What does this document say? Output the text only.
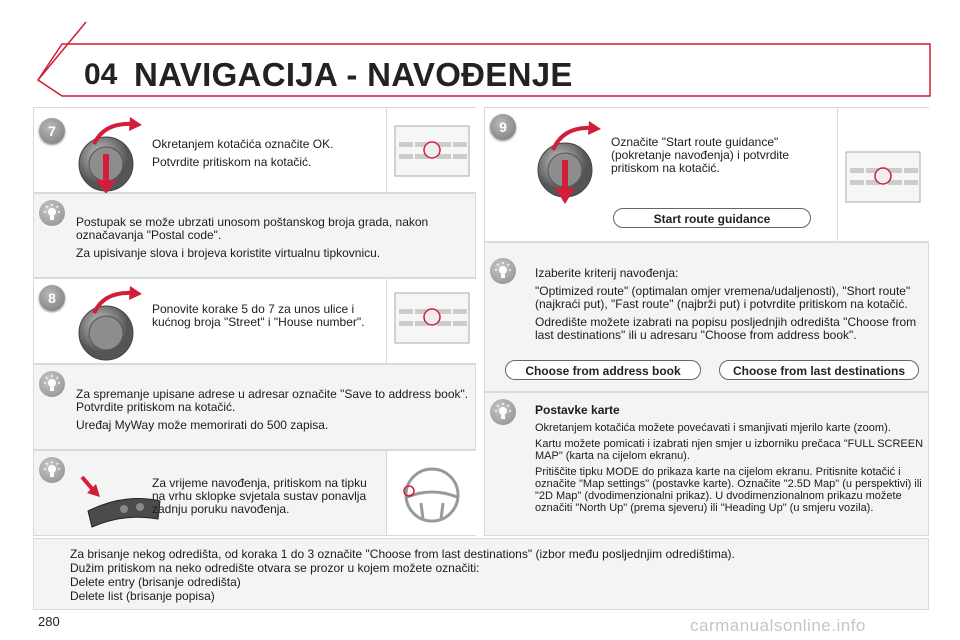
04 NAVIGACIJA - NAVOĐENJE
7

Okretanjem kotačića označite OK.

Potvrdite pritiskom na kotačić.

Postupak se može ubrzati unosom poštanskog broja grada, nakon označavanja "Postal code".

Za upisivanje slova i brojeva koristite virtualnu tipkovnicu.

8
Ponovite korake 5 do 7 za unos ulice i kućnog broja "Street" i "House number".

Za spremanje upisane adrese u adresar označite "Save to address book". Potvrdite pritiskom na kotačić.

Uređaj MyWay može memorirati do 500 zapisa.

Za vrijeme navođenja, pritiskom na tipku na vrhu sklopke svjetala sustav ponavlja zadnju poruku navođenja.
9
Označite "Start route guidance" (pokretanje navođenja) i potvrdite pritiskom na kotačić.
Start route guidance

Izaberite kriterij navođenja:

"Optimized route" (optimalan omjer vremena/udaljenosti), "Short route" (najkraći put), "Fast route" (najbrži put) i potvrdite pritiskom na kotačić.

Odredište možete izabrati na popisu posljednjih odredišta "Choose from last destinations" ili u adresaru "Choose from address book".

Choose from address book	Choose from last destinations

Postavke karte

Okretanjem kotačića možete povećavati i smanjivati mjerilo karte (zoom).

Kartu možete pomicati i izabrati njen smjer u izborniku prečaca "FULL SCREEN MAP" (karta na cijelom ekranu).

Pritiščite tipku MODE do prikaza karte na cijelom ekranu. Pritisnite kotačić i označite "Map settings" (postavke karte). Označite "2.5D Map" (u perspektivi) ili "2D Map" (dvodimenzionalni prikaz). U dvodimenzionalnom prikazu možete označiti "North Up" (prema sjeveru) ili "Heading Up" (u smjeru vozila).

Za brisanje nekog odredišta, od koraka 1 do 3 označite "Choose from last destinations" (izbor među posljednjim odredištima).
Dužim pritiskom na neko odredište otvara se prozor u kojem možete označiti:
Delete entry (brisanje odredišta)
Delete list (brisanje popisa)
280	carmanualsonline.info
